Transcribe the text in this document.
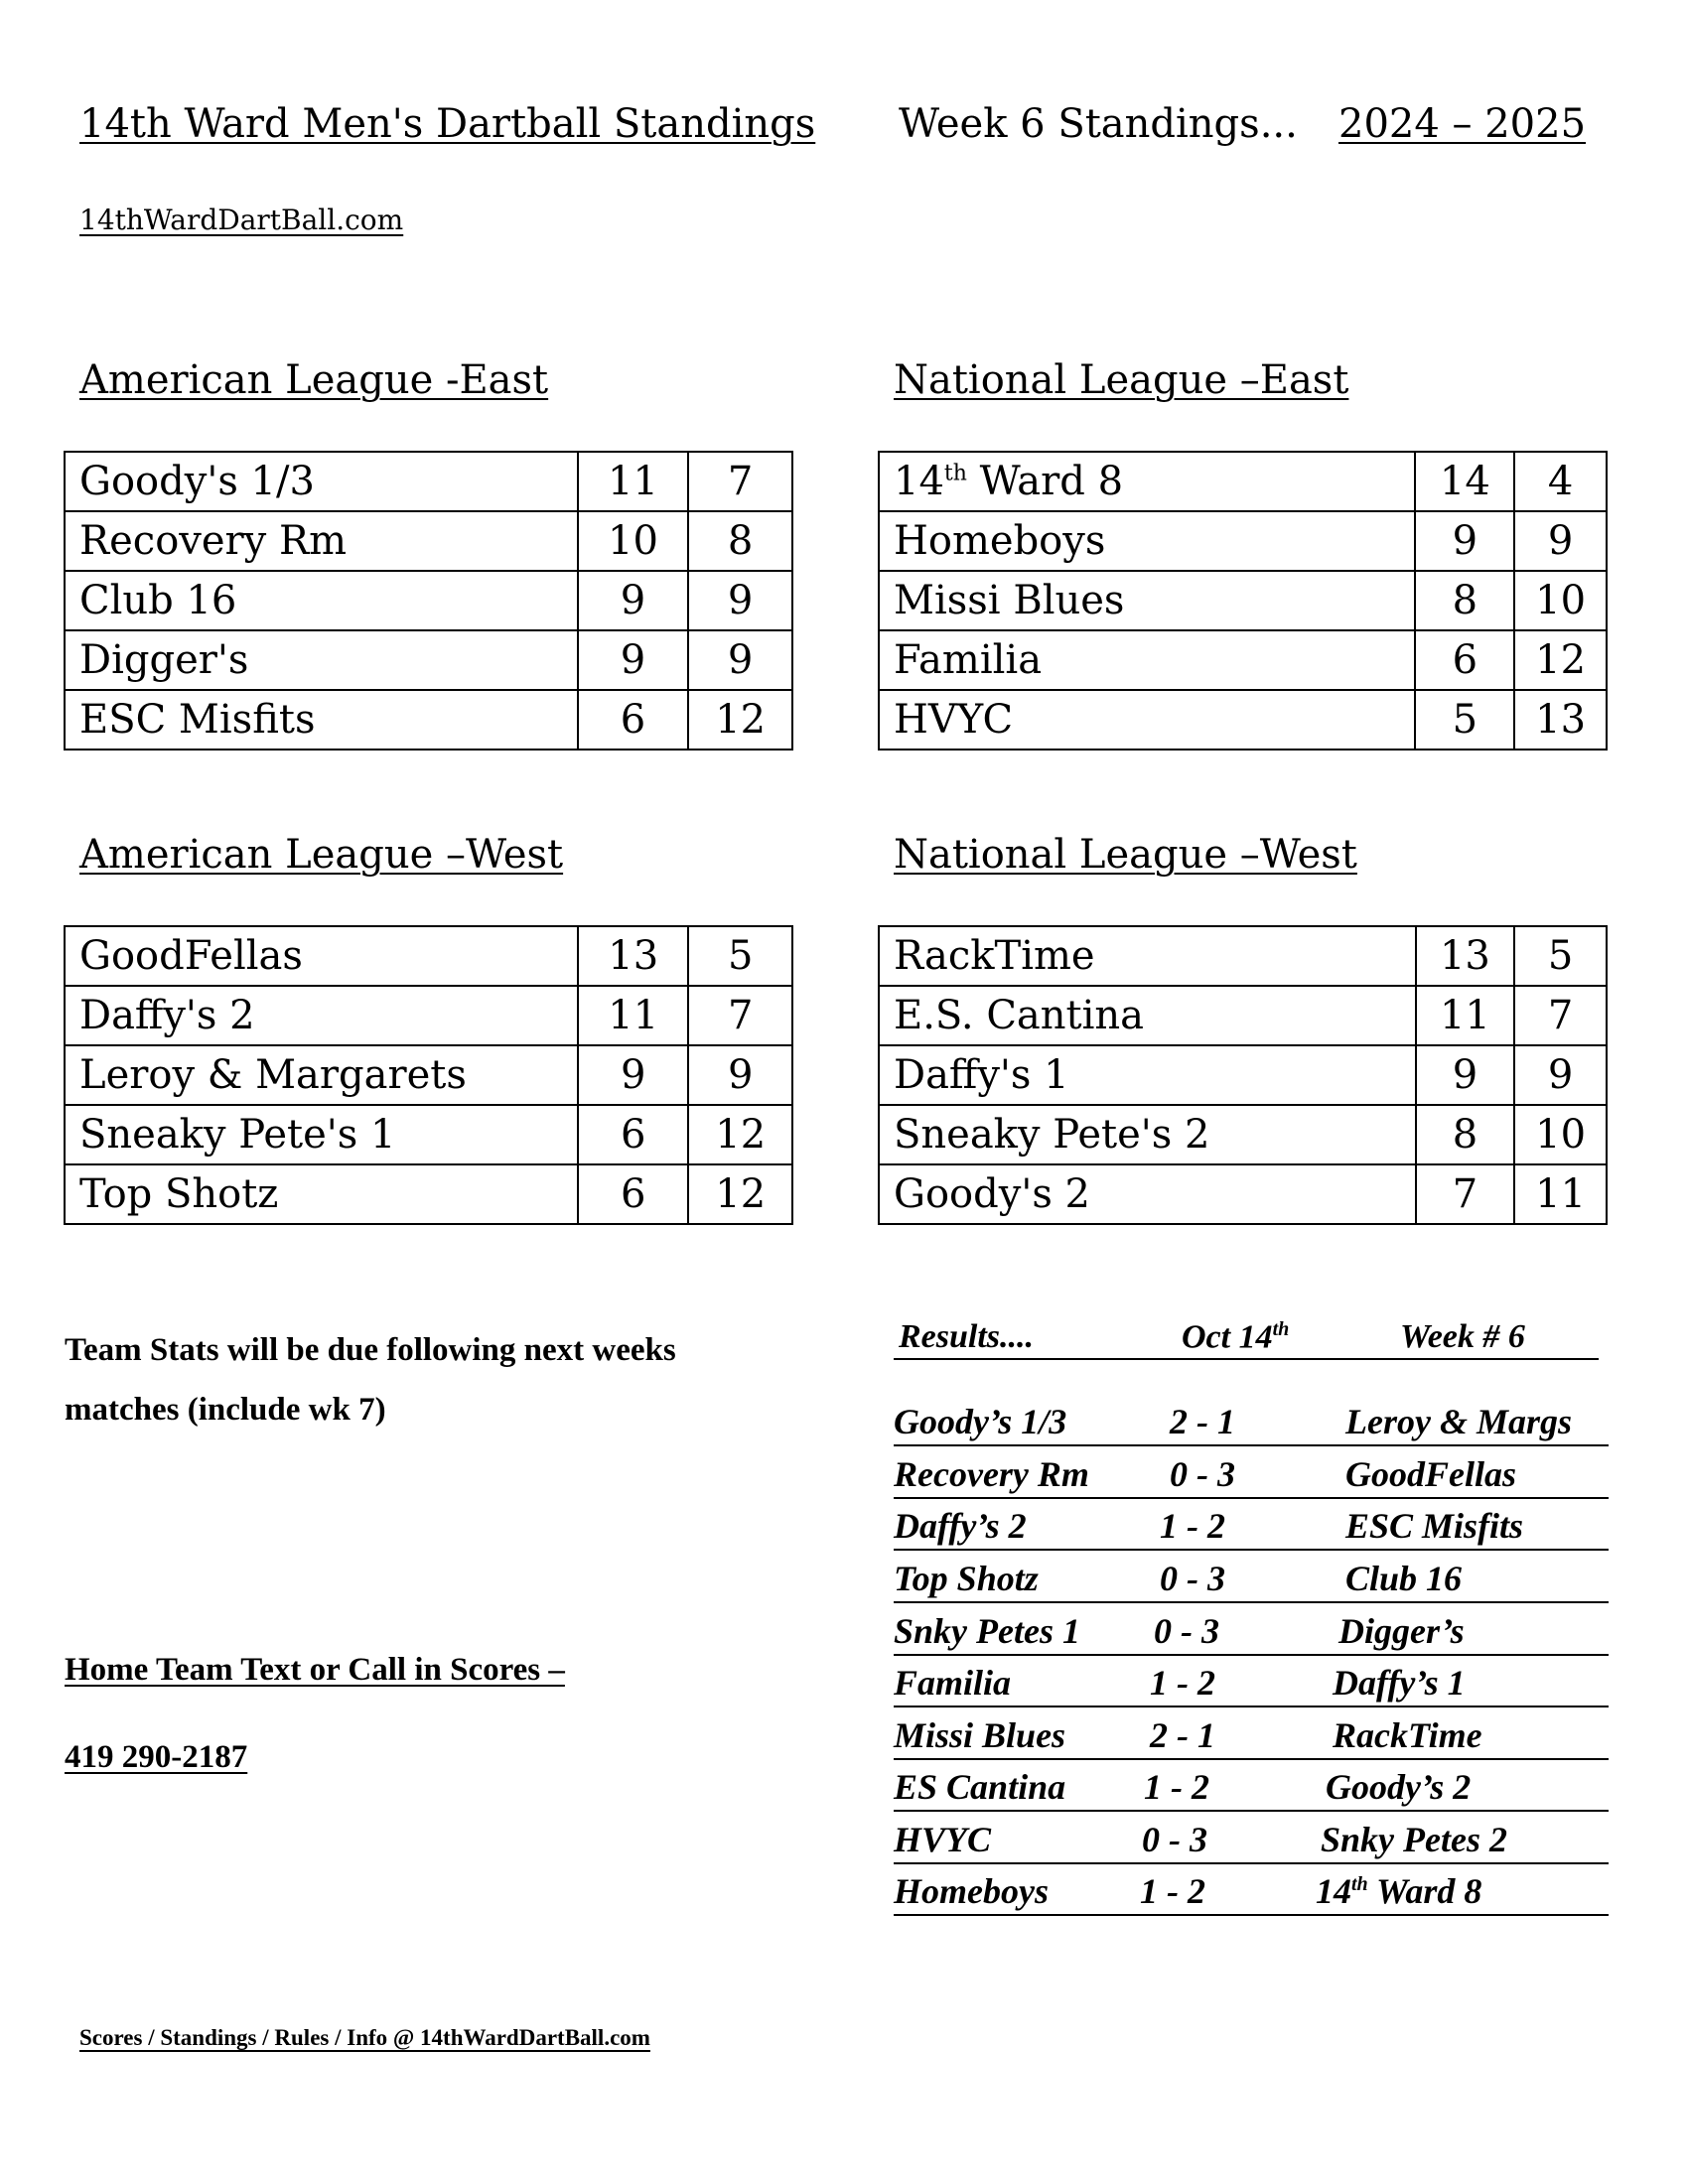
14th Ward Men's Dartball Standings Week 6 Standings... 2024 – 2025
14thWardDartBall.com
American League -East	National League –East
American League –West	National League –West
Goody's 1/3	11	7
Recovery Rm	10	8
Club 16	9	9
Digger's	9	9
ESC Misfits	6	12
14th Ward 8	14	4
Homeboys	9	9
Missi Blues	8	10
Familia	6	12
HVYC	5	13
GoodFellas	13	5
Daffy's 2	11	7
Leroy & Margarets	9	9
Sneaky Pete's 1	6	12
Top Shotz	6	12
RackTime	13	5
E.S. Cantina	11	7
Daffy's 1	9	9
Sneaky Pete's 2	8	10
Goody's 2	7	11
Team Stats will be due following next weeks matches (include wk 7)
Home Team Text or Call in Scores –
419 290-2187
Results....	Oct 14th	Week # 6
Goody’s 1/3	2 - 1	Leroy & Margs
Recovery Rm 0 - 3	GoodFellas
Daffy’s 2	1 - 2	ESC Misfits
Top Shotz	0 - 3	Club 16
Snky Petes 1 0 - 3	Digger’s
Familia	1 - 2	Daffy’s 1
Missi Blues 2 - 1	RackTime
ES Cantina 1 - 2	Goody’s 2
HVYC	0 - 3	Snky Petes 2
Homeboys	1 - 2	14th Ward 8
Scores / Standings / Rules / Info @ 14thWardDartBall.com
